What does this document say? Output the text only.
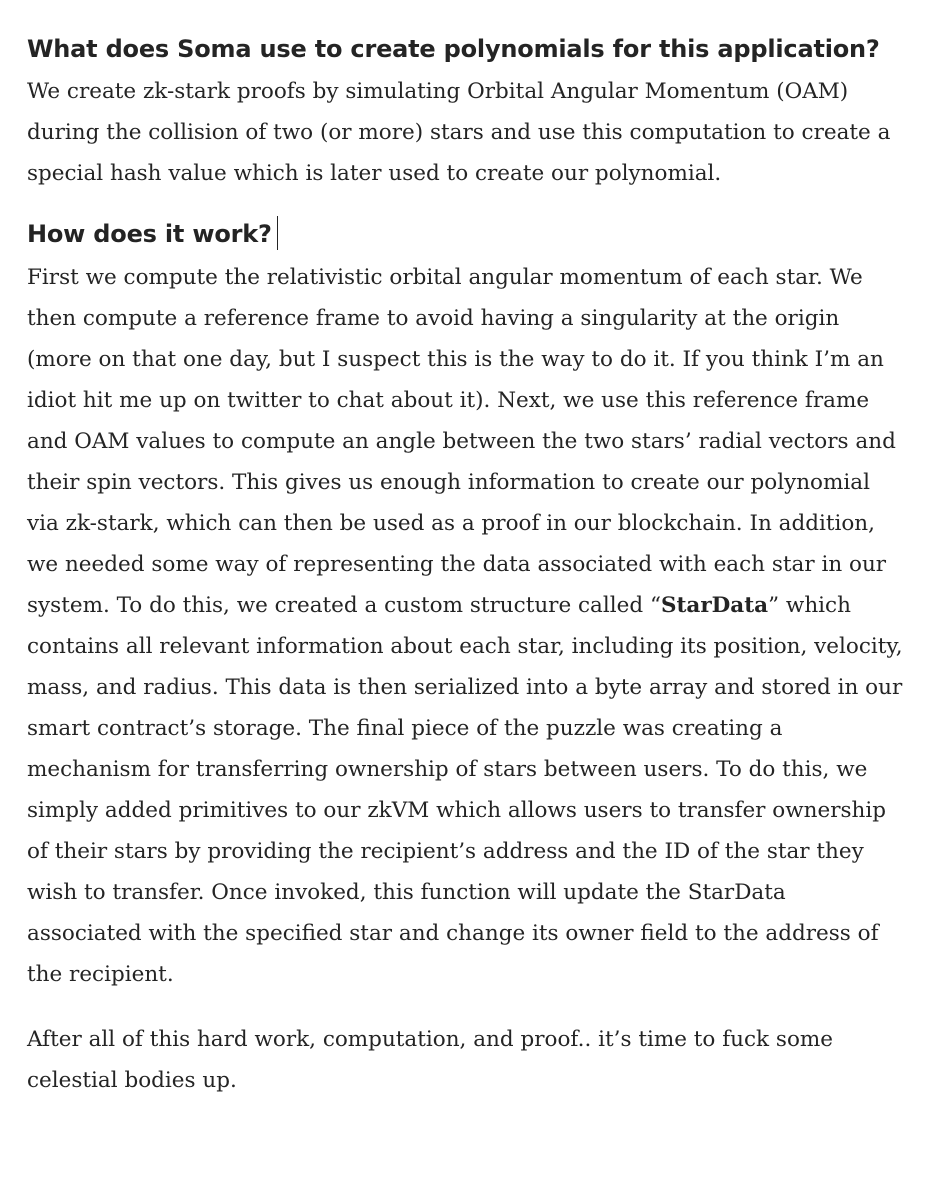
What does Soma use to create polynomials for this application?

We create zk-stark proofs by simulating Orbital Angular Momentum (OAM) during the collision of two (or more) stars and use this computation to create a special hash value which is later used to create our polynomial.

How does it work?

First we compute the relativistic orbital angular momentum of each star. We then compute a reference frame to avoid having a singularity at the origin (more on that one day, but I suspect this is the way to do it. If you think I’m an idiot hit me up on twitter to chat about it). Next, we use this reference frame and OAM values to compute an angle between the two stars’ radial vectors and their spin vectors. This gives us enough information to create our polynomial via zk-stark, which can then be used as a proof in our blockchain. In addition, we needed some way of representing the data associated with each star in our system. To do this, we created a custom structure called “StarData” which contains all relevant information about each star, including its position, velocity, mass, and radius. This data is then serialized into a byte array and stored in our smart contract’s storage. The final piece of the puzzle was creating a mechanism for transferring ownership of stars between users. To do this, we simply added primitives to our zkVM which allows users to transfer ownership of their stars by providing the recipient’s address and the ID of the star they wish to transfer. Once invoked, this function will update the StarData associated with the specified star and change its owner field to the address of the recipient.

After all of this hard work, computation, and proof.. it’s time to fuck some celestial bodies up.
